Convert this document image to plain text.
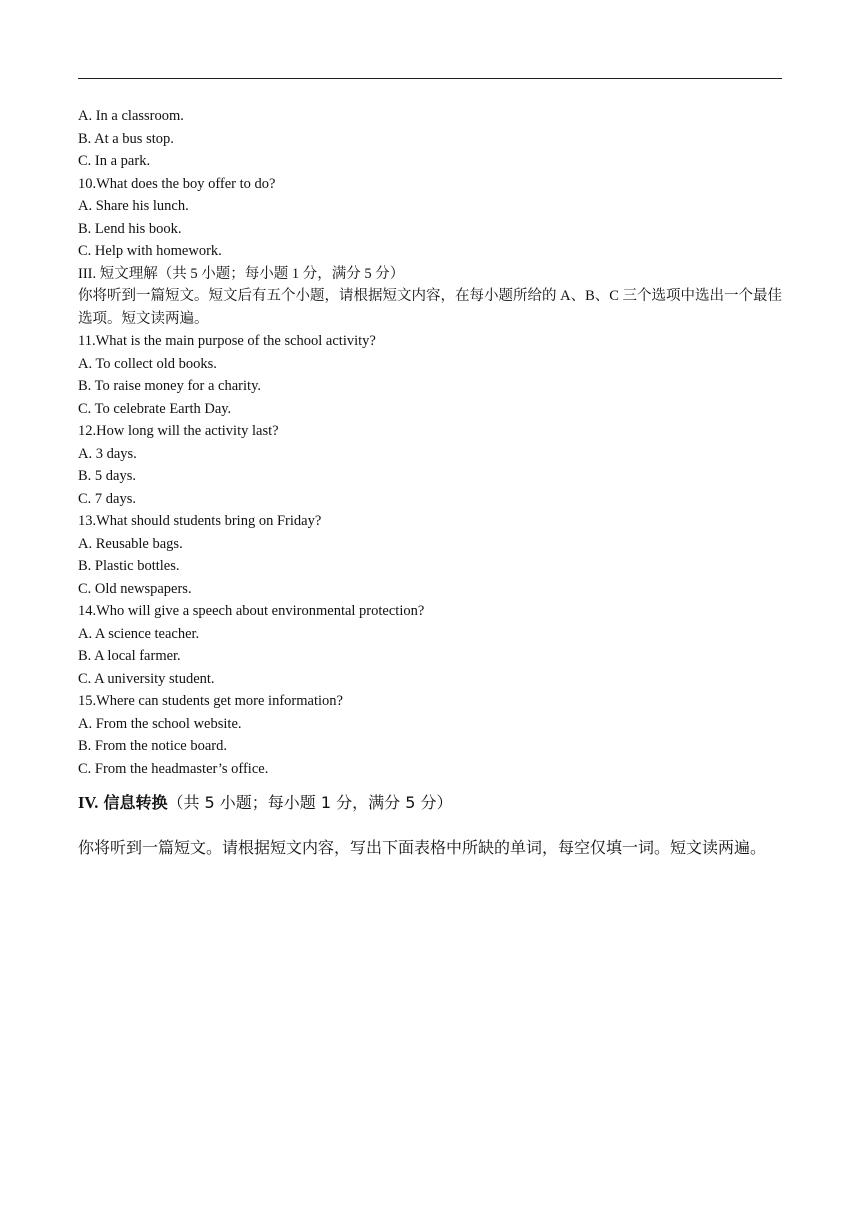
A. In a classroom.
B. At a bus stop.
C. In a park.
10.What does the boy offer to do?
A. Share his lunch.
B. Lend his book.
C. Help with homework.
III. 短文理解（共 5 小题；每小题 1 分，满分 5 分）
你将听到一篇短文。短文后有五个小题，请根据短文内容，在每小题所给的 A、B、C 三个选项中选出一个最佳选项。短文读两遍。
11.What is the main purpose of the school activity?
A. To collect old books.
B. To raise money for a charity.
C. To celebrate Earth Day.
12.How long will the activity last?
A. 3 days.
B. 5 days.
C. 7 days.
13.What should students bring on Friday?
A. Reusable bags.
B. Plastic bottles.
C. Old newspapers.
14.Who will give a speech about environmental protection?
A. A science teacher.
B. A local farmer.
C. A university student.
15.Where can students get more information?
A. From the school website.
B. From the notice board.
C. From the headmaster’s office.
IV. 信息转换（共 5 小题；每小题 1 分，满分 5 分）
你将听到一篇短文。请根据短文内容，写出下面表格中所缺的单词，每空仅填一词。短文读两遍。
